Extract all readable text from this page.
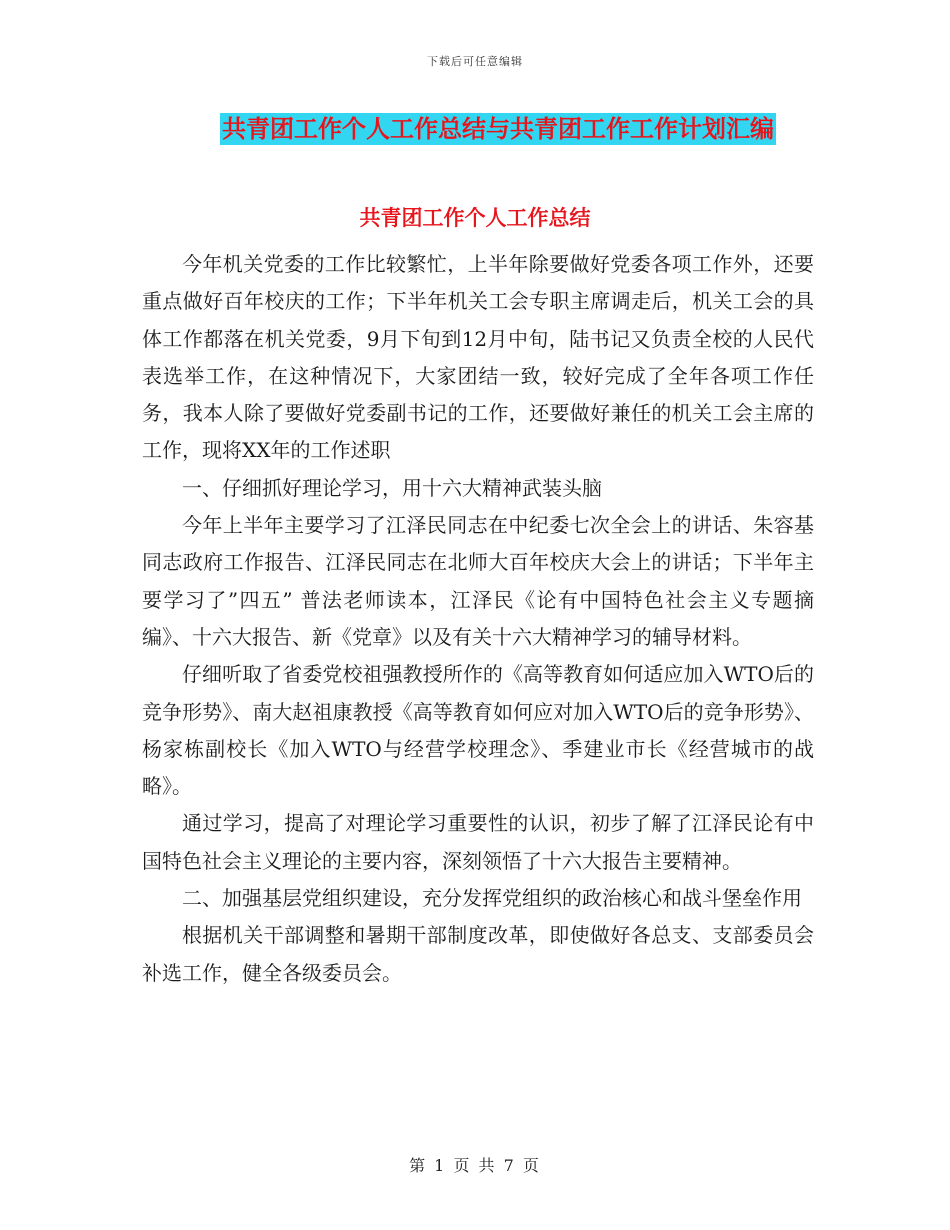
下载后可任意编辑
共青团工作个人工作总结与共青团工作工作计划汇编
共青团工作个人工作总结

今年机关党委的工作比较繁忙，上半年除要做好党委各项工作外，还要重点做好百年校庆的工作；下半年机关工会专职主席调走后，机关工会的具体工作都落在机关党委，9月下旬到12月中旬，陆书记又负责全校的人民代表选举工作，在这种情况下，大家团结一致，较好完成了全年各项工作任务，我本人除了要做好党委副书记的工作，还要做好兼任的机关工会主席的工作，现将XX年的工作述职

一、仔细抓好理论学习，用十六大精神武装头脑

今年上半年主要学习了江泽民同志在中纪委七次全会上的讲话、朱容基同志政府工作报告、江泽民同志在北师大百年校庆大会上的讲话；下半年主要学习了”四五” 普法老师读本，江泽民《论有中国特色社会主义专题摘编》、十六大报告、新《党章》以及有关十六大精神学习的辅导材料。

仔细听取了省委党校祖强教授所作的《高等教育如何适应加入WTO后的竞争形势》、南大赵祖康教授《高等教育如何应对加入WTO后的竞争形势》、杨家栋副校长《加入WTO与经营学校理念》、季建业市长《经营城市的战略》。

通过学习，提高了对理论学习重要性的认识，初步了解了江泽民论有中国特色社会主义理论的主要内容，深刻领悟了十六大报告主要精神。

二、加强基层党组织建设，充分发挥党组织的政治核心和战斗堡垒作用

根据机关干部调整和暑期干部制度改革，即使做好各总支、支部委员会补选工作，健全各级委员会。

第 1 页 共 7 页
